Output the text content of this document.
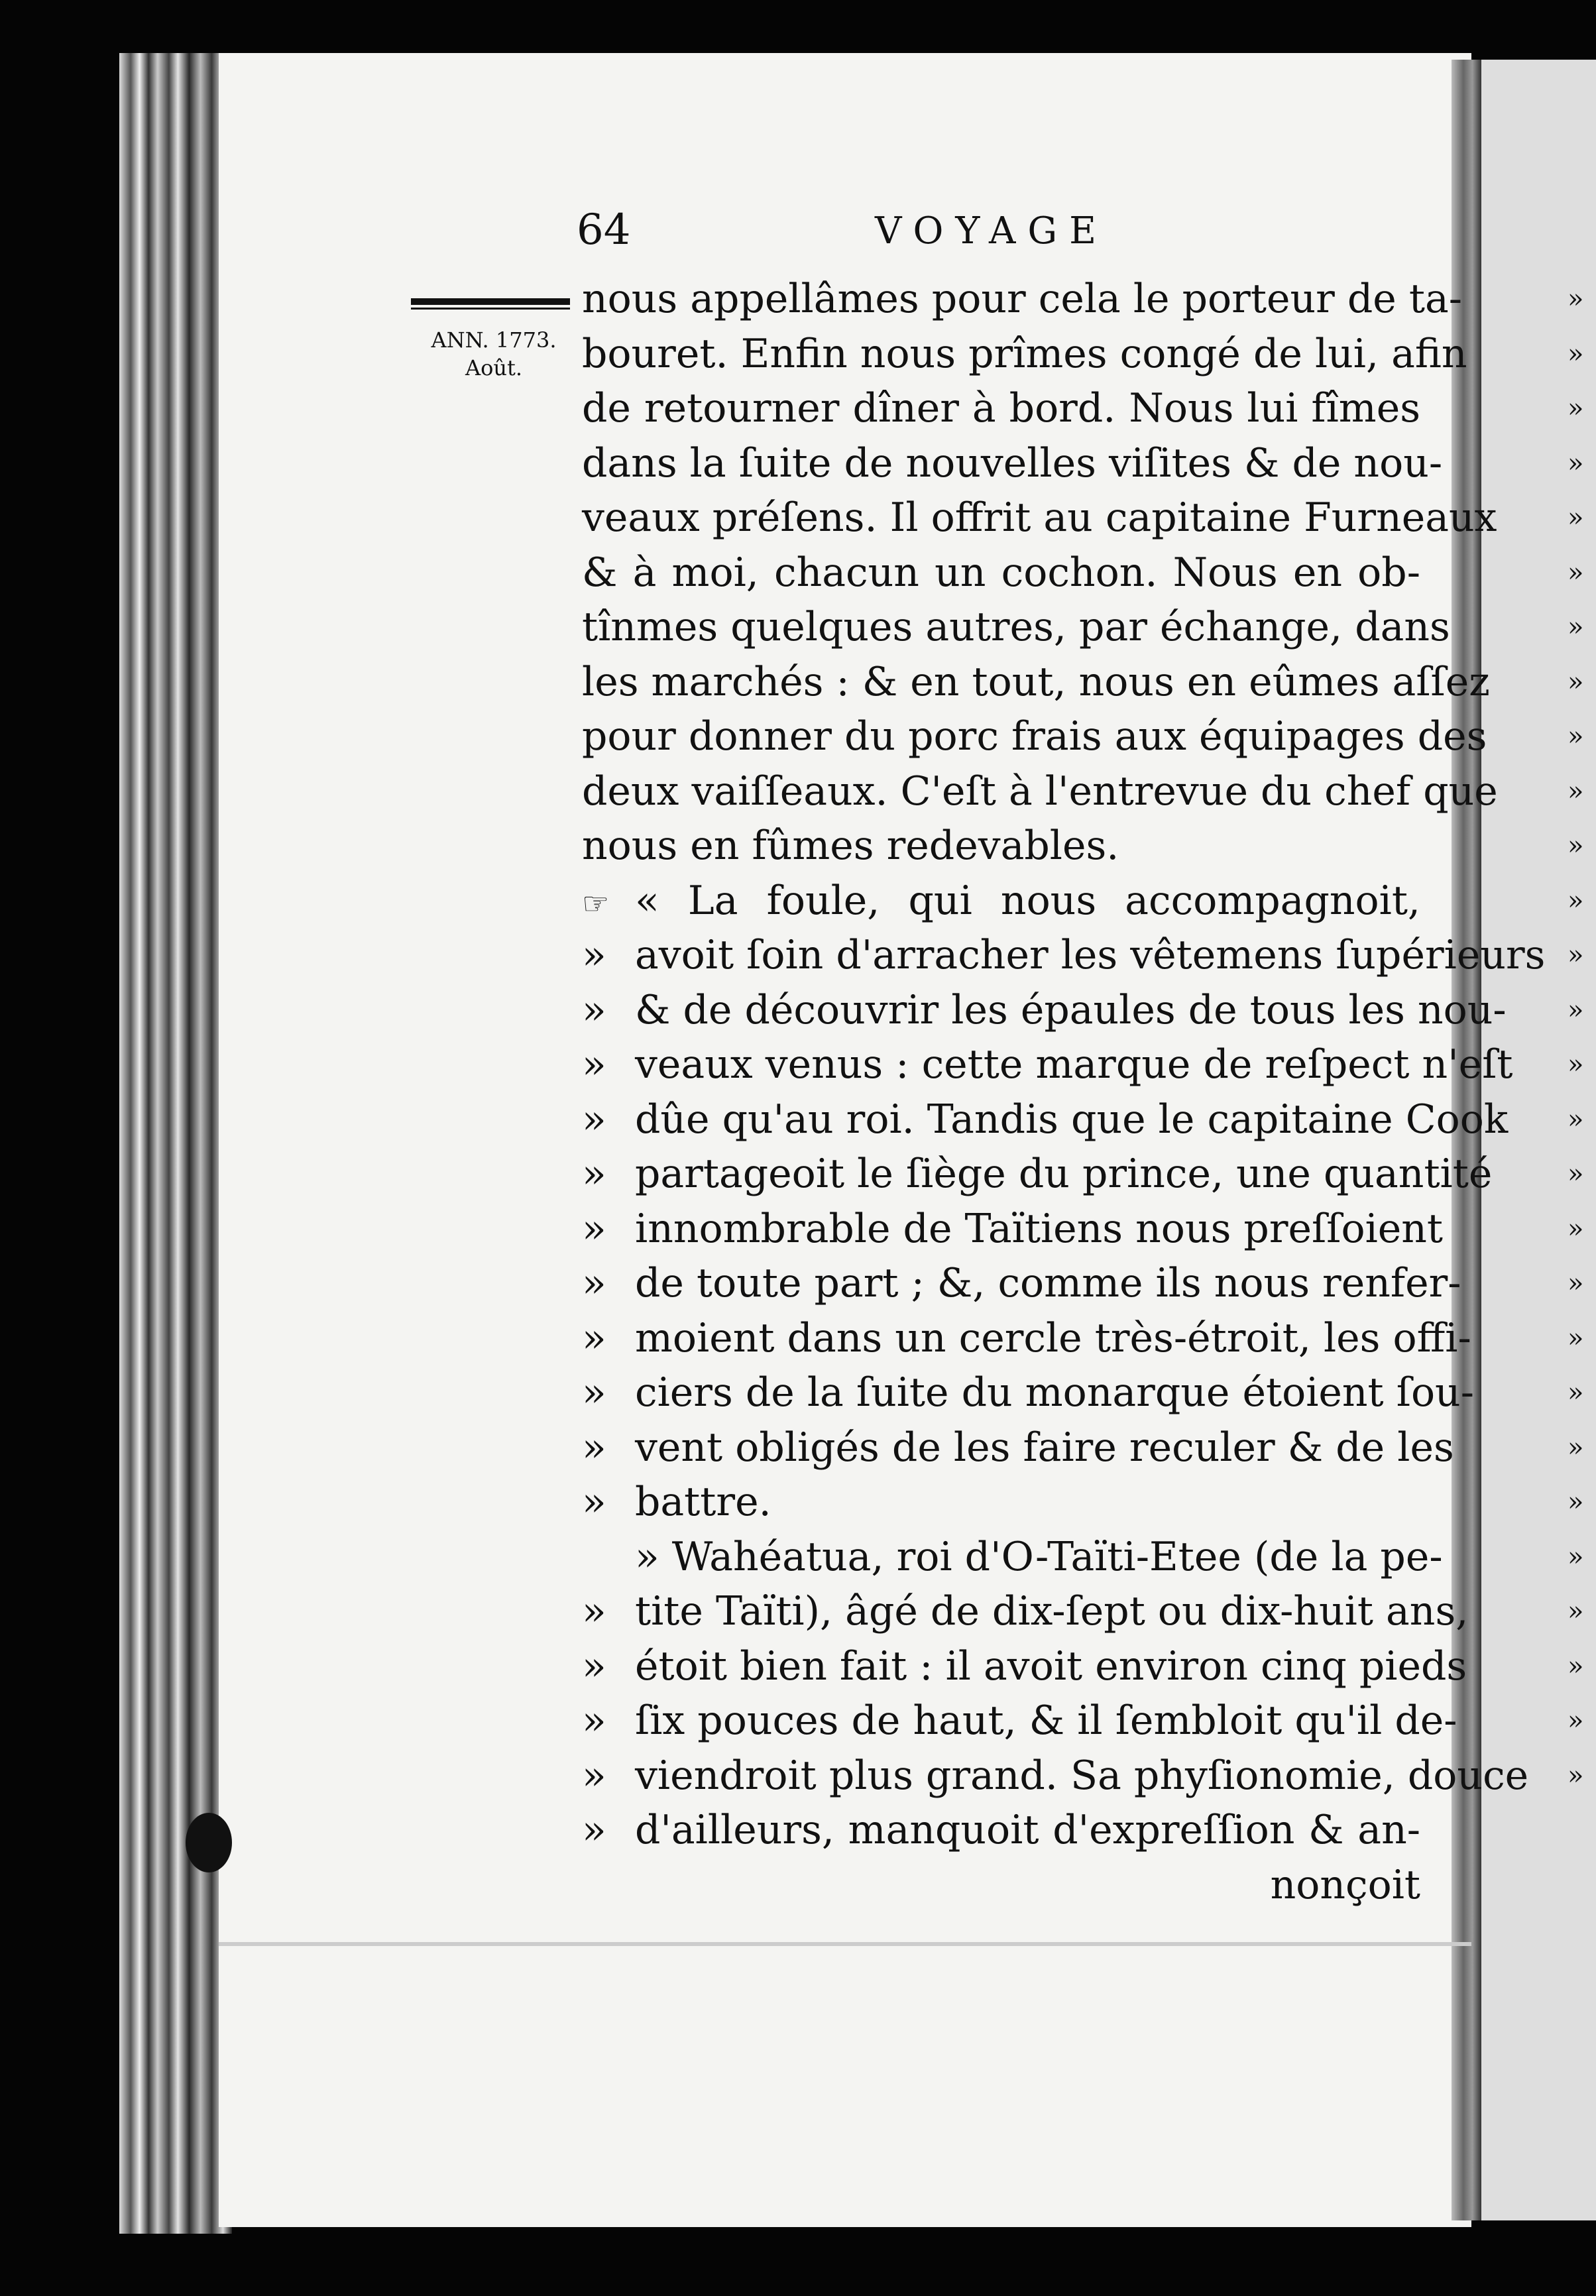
64	VOYAGE
ANN. 1773.
Août.
nous appellâmes pour cela le porteur de ta-
bouret. Enfin nous prîmes congé de lui, afin
de retourner dîner à bord. Nous lui fîmes
dans la ſuite de nouvelles viſites & de nou-
veaux préſens. Il offrit au capitaine Furneaux
& à moi, chacun un cochon. Nous en ob-
tînmes quelques autres, par échange, dans
les marchés : & en tout, nous en eûmes aſſez
pour donner du porc frais aux équipages des
deux vaiſſeaux. C'eſt à l'entrevue du chef que
nous en fûmes redevables.
☞ « La foule, qui nous accompagnoit,
» avoit ſoin d'arracher les vêtemens ſupérieurs
» & de découvrir les épaules de tous les nou-
» veaux venus : cette marque de reſpect n'eſt
» dûe qu'au roi. Tandis que le capitaine Cook
» partageoit le ſiège du prince, une quantité
» innombrable de Taïtiens nous preſſoient
» de toute part ; &, comme ils nous renfer-
» moient dans un cercle très-étroit, les offi-
» ciers de la ſuite du monarque étoient ſou-
» vent obligés de les faire reculer & de les
» battre.
» Wahéatua, roi d'O-Taïti-Etee (de la pe-
» tite Taïti), âgé de dix-ſept ou dix-huit ans,
» étoit bien fait : il avoit environ cinq pieds
» ſix pouces de haut, & il ſembloit qu'il de-
» viendroit plus grand. Sa phyſionomie, douce
» d'ailleurs, manquoit d'expreſſion & an-
nonçoit
»
»
»
»
»
»
»
»
»
»
»
»
»
»
»
»
»
»
»
»
»
»
»
»
»
»
»
»
